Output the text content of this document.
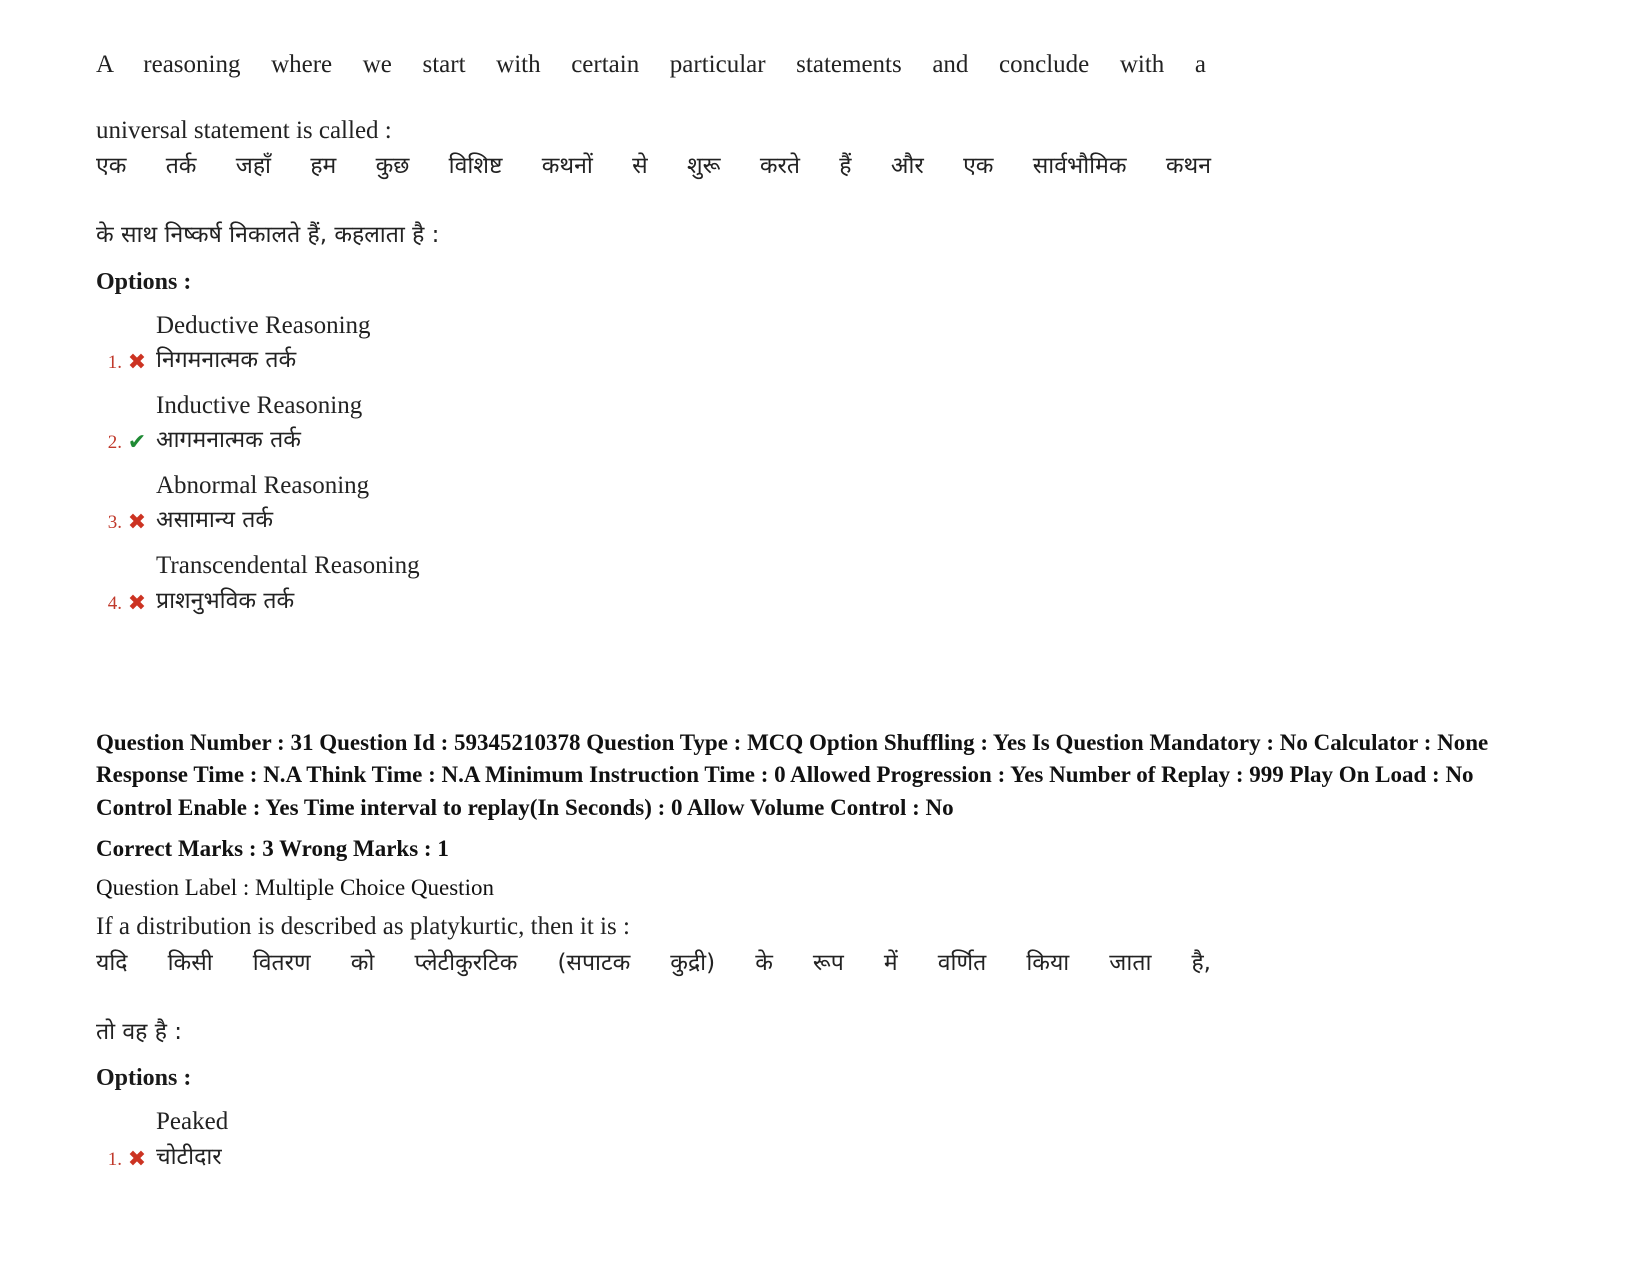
A reasoning where we start with certain particular statements and conclude with a
universal statement is called :
एक तर्क जहाँ हम कुछ विशिष्ट कथनों से शुरू करते हैं और एक सार्वभौमिक कथन
के साथ निष्कर्ष निकालते हैं, कहलाता है :
Options :
1. ✖
Deductive Reasoning
निगमनात्मक तर्क
2. ✔
Inductive Reasoning
आगमनात्मक तर्क
3. ✖
Abnormal Reasoning
असामान्य तर्क
4. ✖
Transcendental Reasoning
प्राशनुभविक तर्क
Question Number : 31 Question Id : 59345210378 Question Type : MCQ Option Shuffling : Yes Is Question Mandatory : No Calculator : None Response Time : N.A Think Time : N.A Minimum Instruction Time : 0 Allowed Progression : Yes Number of Replay : 999 Play On Load : No Control Enable : Yes Time interval to replay(In Seconds) : 0 Allow Volume Control : No
Correct Marks : 3 Wrong Marks : 1
Question Label : Multiple Choice Question
If a distribution is described as platykurtic, then it is :
यदि किसी वितरण को प्लेटीकुरटिक (सपाटक कुद्री) के रूप में वर्णित किया जाता है,
तो वह है :
Options :
1. ✖
Peaked
चोटीदार
